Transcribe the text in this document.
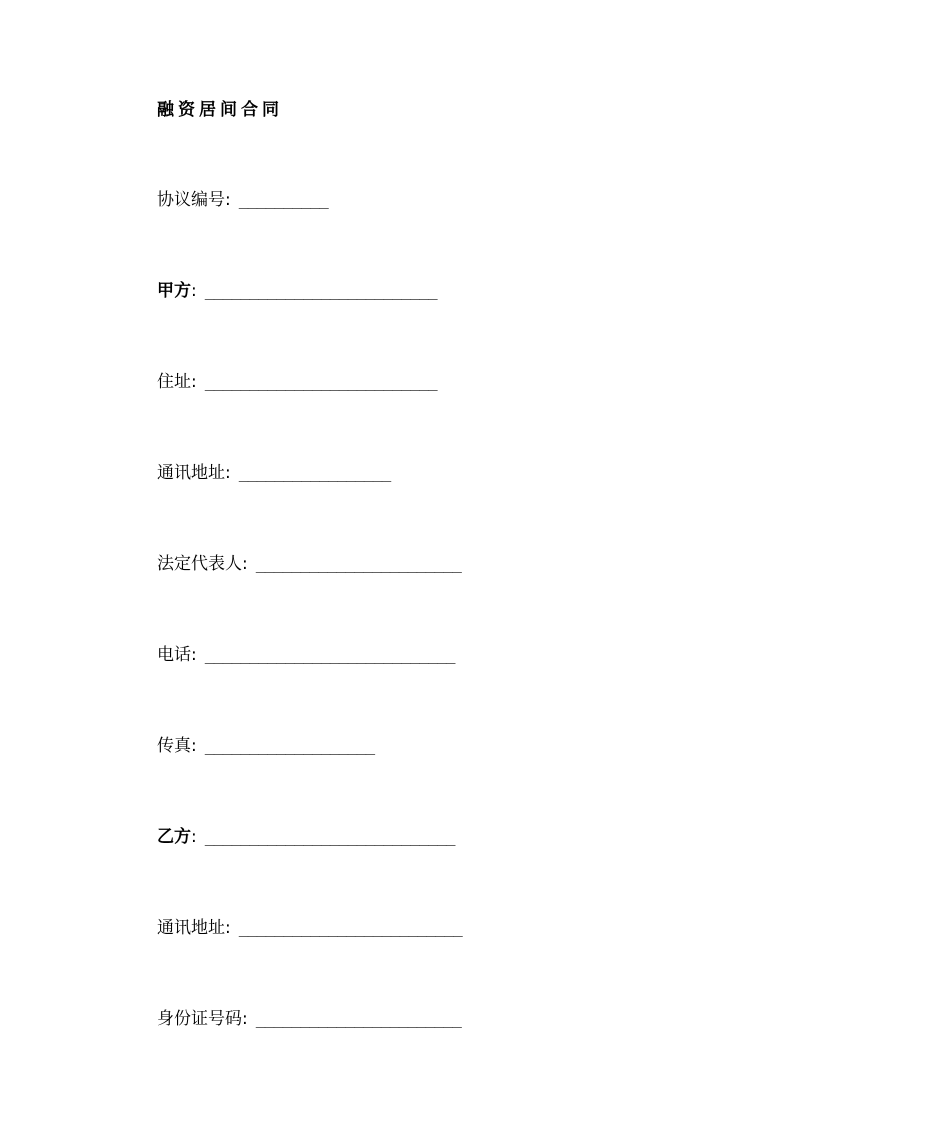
融资居间合同
协议编号 : __________
甲方 : ____________________​______
住址 : ____________________​______
通讯地址 : _________________
法定代表人 : ____________________​___
电话 : _________________________​___
传真 : ___________________
乙方 : _________________________​___
通讯地址 : _____________________​___​_
身份证号码 : ____________________​___
